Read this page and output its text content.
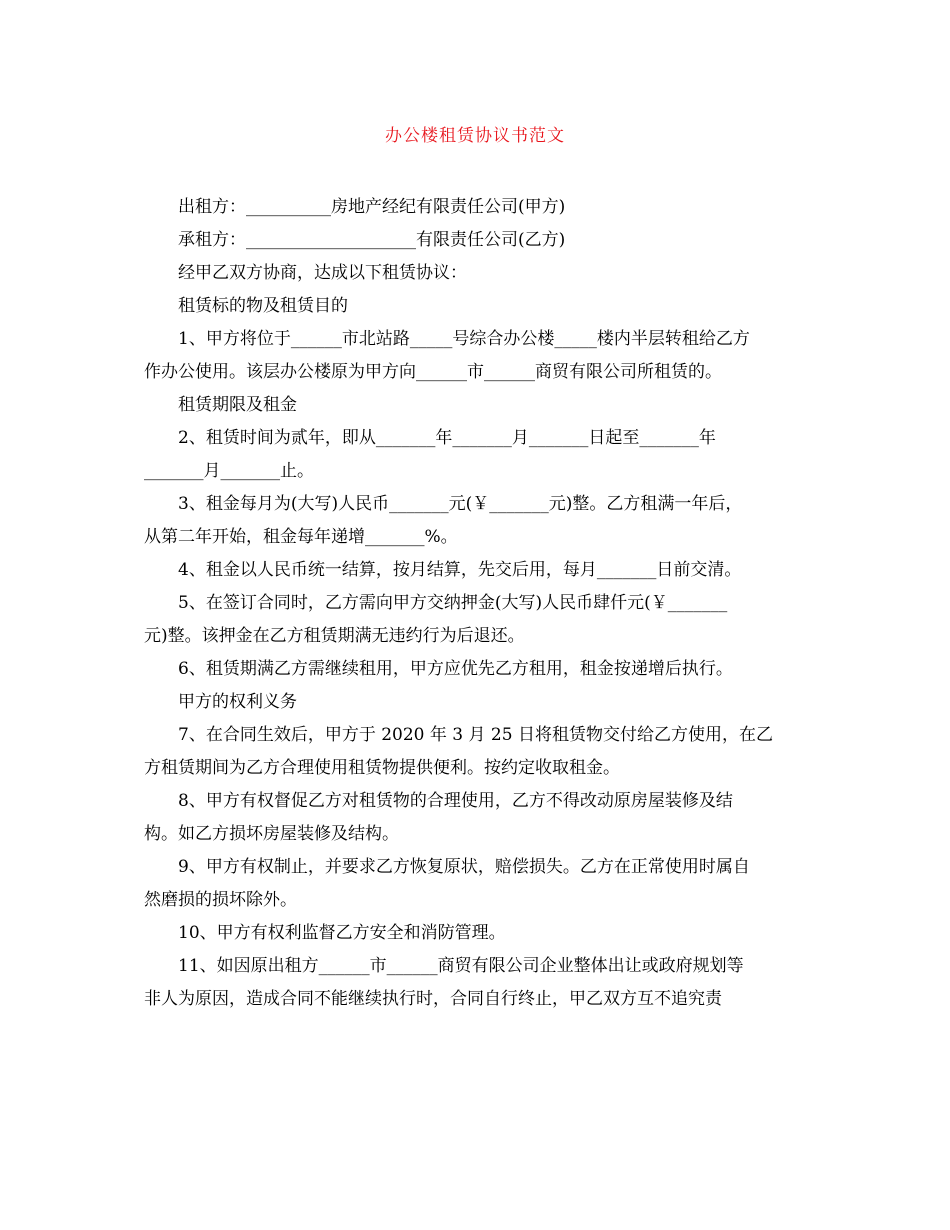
办公楼租赁协议书范文

出租方：__________房地产经纪有限责任公司(甲方)

承租方：____________________有限责任公司(乙方)

经甲乙双方协商，达成以下租赁协议：

租赁标的物及租赁目的

1、甲方将位于______市北站路_____号综合办公楼_____楼内半层转租给乙方
作办公使用。该层办公楼原为甲方向______市______商贸有限公司所租赁的。

租赁期限及租金

2、租赁时间为贰年，即从_______年_______月_______日起至_______年
_______月_______止。

3、租金每月为(大写)人民币_______元(￥_______元)整。乙方租满一年后，
从第二年开始，租金每年递增_______%。

4、租金以人民币统一结算，按月结算，先交后用，每月_______日前交清。

5、在签订合同时，乙方需向甲方交纳押金(大写)人民币肆仟元(￥_______
元)整。该押金在乙方租赁期满无违约行为后退还。

6、租赁期满乙方需继续租用，甲方应优先乙方租用，租金按递增后执行。

甲方的权利义务

7、在合同生效后，甲方于 2020 年 3 月 25 日将租赁物交付给乙方使用，在乙
方租赁期间为乙方合理使用租赁物提供便利。按约定收取租金。

8、甲方有权督促乙方对租赁物的合理使用，乙方不得改动原房屋装修及结
构。如乙方损坏房屋装修及结构。

9、甲方有权制止，并要求乙方恢复原状，赔偿损失。乙方在正常使用时属自
然磨损的损坏除外。

10、甲方有权利监督乙方安全和消防管理。

11、如因原出租方______市______商贸有限公司企业整体出让或政府规划等
非人为原因，造成合同不能继续执行时，合同自行终止，甲乙双方互不追究责
